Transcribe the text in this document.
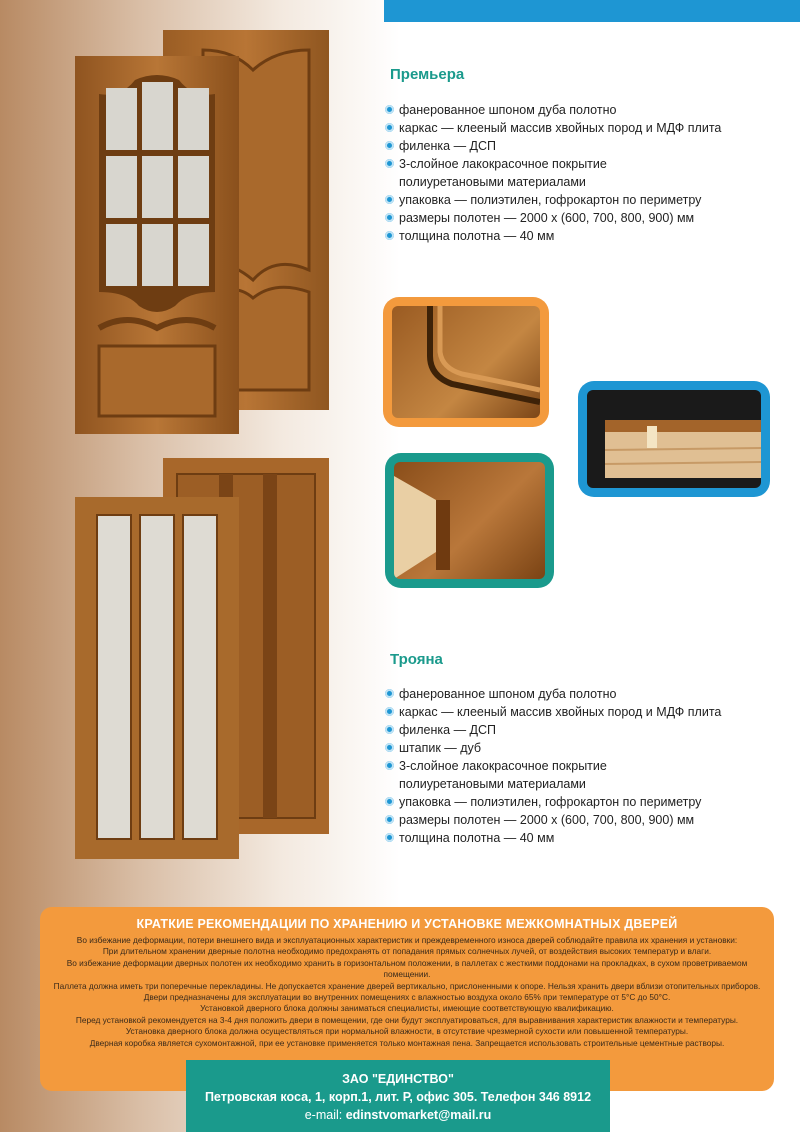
Премьера
фанерованное шпоном дуба полотно
каркас — клееный массив хвойных пород и МДФ плита
филенка — ДСП
3-слойное лакокрасочное покрытие
полиуретановыми материалами
упаковка — полиэтилен, гофрокартон по периметру
размеры полотен — 2000 х (600, 700, 800, 900) мм
толщина полотна — 40 мм
Трояна
фанерованное шпоном дуба полотно
каркас — клееный массив хвойных пород и МДФ плита
филенка — ДСП
штапик — дуб
3-слойное лакокрасочное покрытие
полиуретановыми материалами
упаковка — полиэтилен, гофрокартон по периметру
размеры полотен — 2000 х (600, 700, 800, 900) мм
толщина полотна — 40 мм
КРАТКИЕ РЕКОМЕНДАЦИИ ПО ХРАНЕНИЮ И УСТАНОВКЕ МЕЖКОМНАТНЫХ ДВЕРЕЙ
Во избежание деформации, потери внешнего вида и эксплуатационных характеристик и преждевременного износа дверей соблюдайте правила их хранения и установки:
При длительном хранении дверные полотна необходимо предохранять от попадания прямых солнечных лучей, от воздействия высоких температур и влаги.
Во избежание деформации дверных полотен их необходимо хранить в горизонтальном положении, в паллетах с жесткими поддонами на прокладках, в сухом проветриваемом помещении.
Паллета должна иметь три поперечные перекладины. Не допускается хранение дверей вертикально, прислоненными к опоре. Нельзя хранить двери вблизи отопительных приборов.
Двери предназначены для эксплуатации во внутренних помещениях с влажностью воздуха около 65% при температуре от 5°С до 50°С.
Установкой дверного блока должны заниматься специалисты, имеющие соответствующую квалификацию.
Перед установкой рекомендуется на 3-4 дня положить двери в помещении, где они будут эксплуатироваться, для выравнивания характеристик влажности и температуры.
Установка дверного блока должна осуществляться при нормальной влажности, в отсутствие чрезмерной сухости или повышенной температуры.
Дверная коробка является сухомонтажной, при ее установке применяется только монтажная пена. Запрещается использовать строительные цементные растворы.
ЗАО "ЕДИНСТВО"
Петровская коса, 1, корп.1, лит. Р, офис 305. Телефон 346 8912
e-mail: edinstvomarket@mail.ru
